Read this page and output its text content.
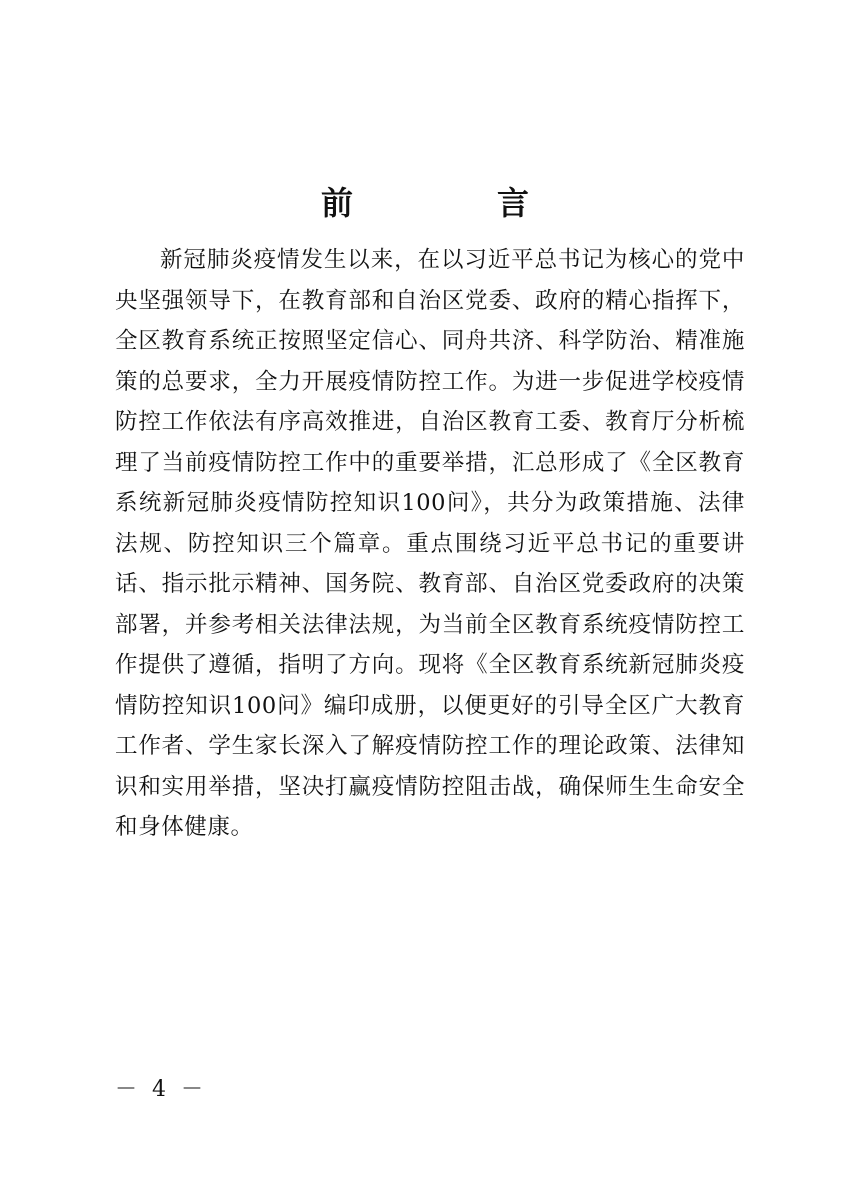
前　言

新冠肺炎疫情发生以来，在以习近平总书记为核心的党中央坚强领导下，在教育部和自治区党委、政府的精心指挥下，全区教育系统正按照坚定信心、同舟共济、科学防治、精准施策的总要求，全力开展疫情防控工作。为进一步促进学校疫情防控工作依法有序高效推进，自治区教育工委、教育厅分析梳理了当前疫情防控工作中的重要举措，汇总形成了《全区教育系统新冠肺炎疫情防控知识100问》，共分为政策措施、法律法规、防控知识三个篇章。重点围绕习近平总书记的重要讲话、指示批示精神、国务院、教育部、自治区党委政府的决策部署，并参考相关法律法规，为当前全区教育系统疫情防控工作提供了遵循，指明了方向。现将《全区教育系统新冠肺炎疫情防控知识100问》编印成册，以便更好的引导全区广大教育工作者、学生家长深入了解疫情防控工作的理论政策、法律知识和实用举措，坚决打赢疫情防控阻击战，确保师生生命安全和身体健康。

－ 4 －
